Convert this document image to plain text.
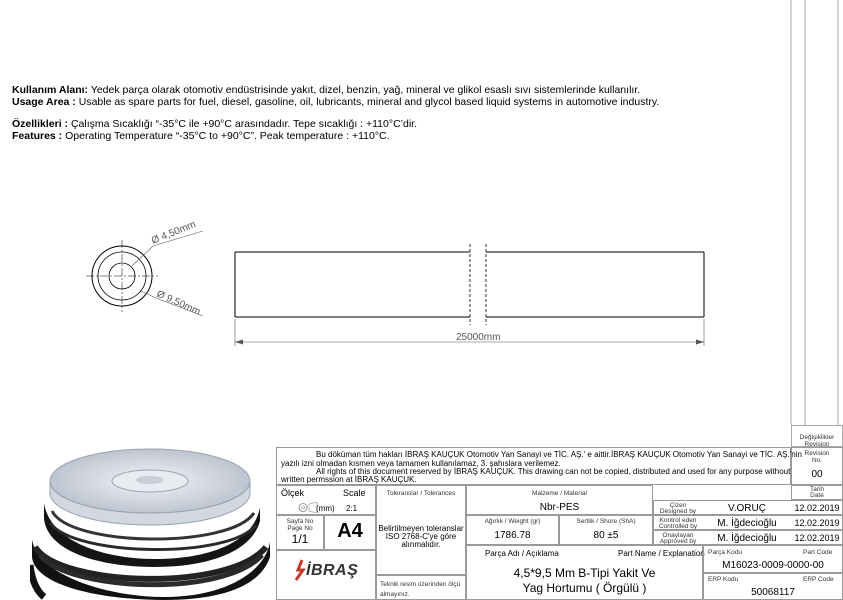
Kullanım Alanı: Yedek parça olarak otomotiv endüstrisinde yakıt, dizel, benzin, yağ, mineral ve glikol esaslı sıvı sistemlerinde kullanılır.
Usage Area : Usable as spare parts for fuel, diesel, gasoline, oil, lubricants, mineral and glycol based liquid systems in automotive industry.
Özellikleri : Çalışma Sıcaklığı “-35°C ile +90°C arasındadır. Tepe sıcaklığı : +110°C’dir.
Features : Operating Temperature “-35°C to +90°C”. Peak temperature : +110°C.
Ø 4,50mm
Ø 9,50mm
25000mm
Değişiklikler
Revision
Bu döküman tüm hakları İBRAŞ KAUÇUK Otomotiv Yan Sanayi ve TİC. AŞ.' e aittir.İBRAŞ KAUÇUK Otomotiv Yan Sanayi ve TİC. AŞ.'nin
yazılı izni olmadan kısmen veya tamamen kullanılamaz, 3. şahıslara verilemez.
All rights of this document reserved by İBRAŞ KAUÇUK. This drawing can not be copied, distributed and used for any purpose without
written permssion at İBRAŞ KAUÇUK.
Revision
No.
00
Ölçek	Scale
(mm) 2:1
Sayfa No
Page No
1/1	A4
İBRAŞ
Toleranslar / Tolerances
Belirtilmeyen toleranslar
ISO 2768-C'ye göre
alınmalıdır.
Teknik resim üzerinden ölçü
almayınız.
Malzeme / Material
Nbr-PES
Ağırlık / Weight (gr)
1786.78
Sertlik / Shore (ShA)
80 ±5
Çizen
Designed by	V.ORUÇ	12.02.2019
Kontrol eden
Controlled by	M. İğdecioğlu	12.02.2019
Onaylayan
Approved by	M. İğdecioğlu	12.02.2019
Tarih
Date
Parça Adı / Açıklama	Part Name / Explanation
4,5*9,5 Mm B-Tipi Yakit Ve
Yag Hortumu ( Örgülü )
Parça Kodu	Part Code
M16023-0009-0000-00
ERP Kodu	ERP Code
50068117
